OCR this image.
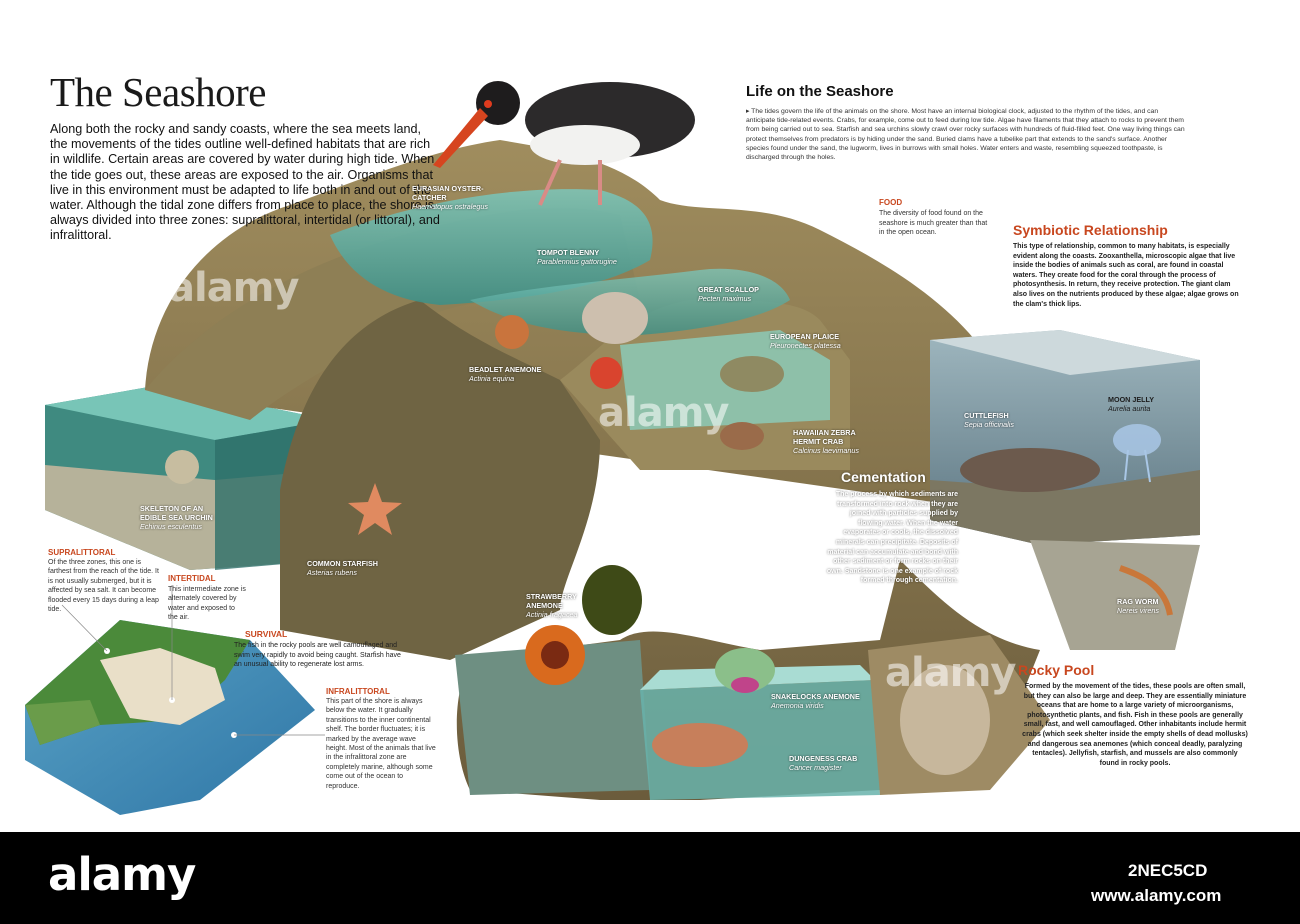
alamy
alamy
alamy
The Seashore
Along both the rocky and sandy coasts, where the sea meets land, the movements of the tides outline well-defined habitats that are rich in wildlife. Certain areas are covered by water during high tide. When the tide goes out, these areas are exposed to the air. Organisms that live in this environment must be adapted to life both in and out of the water. Although the tidal zone differs from place to place, the shore is always divided into three zones: supralittoral, intertidal (or littoral), and infralittoral.
Life on the Seashore
▸ The tides govern the life of the animals on the shore. Most have an internal biological clock, adjusted to the rhythm of the tides, and can anticipate tide-related events. Crabs, for example, come out to feed during low tide. Algae have filaments that they attach to rocks to prevent them from being carried out to sea. Starfish and sea urchins slowly crawl over rocky surfaces with hundreds of fluid-filled feet. One way living things can protect themselves from predators is by hiding under the sand. Buried clams have a tubelike part that extends to the sand's surface. Another species found under the sand, the lugworm, lives in burrows with small holes. Water enters and waste, resembling squeezed toothpaste, is discharged through the holes.
FOOD
The diversity of food found on the seashore is much greater than that in the open ocean.	Symbiotic Relationship
This type of relationship, common to many habitats, is especially evident along the coasts. Zooxanthella, microscopic algae that live inside the bodies of animals such as coral, are found in coastal waters. They create food for the coral through the process of photosynthesis. In return, they receive protection. The giant clam also lives on the nutrients produced by these algae; algae grows on the clam's thick lips.
Cementation
The process by which sediments are transformed into rock when they are joined with particles supplied by flowing water. When the water evaporates or cools, the dissolved minerals can precipitate. Deposits of material can accumulate and bond with other sediment or form rocks on their own. Sandstone is one example of rock formed through cementation.
Rocky Pool
Formed by the movement of the tides, these pools are often small, but they can also be large and deep. They are essentially miniature oceans that are home to a large variety of microorganisms, photosynthetic plants, and fish. Fish in these pools are generally small, fast, and well camouflaged. Other inhabitants include hermit crabs (which seek shelter inside the empty shells of dead mollusks) and dangerous sea anemones (which conceal deadly, paralyzing tentacles). Jellyfish, starfish, and mussels are also commonly found in rocky pools.
SURVIVAL
The fish in the rocky pools are well camouflaged and swim very rapidly to avoid being caught. Starfish have an unusual ability to regenerate lost arms.
SUPRALITTORAL
Of the three zones, this one is farthest from the reach of the tide. It is not usually submerged, but it is affected by sea salt. It can become flooded every 15 days during a leap tide.
INTERTIDAL
This intermediate zone is alternately covered by water and exposed to the air.
INFRALITTORAL
This part of the shore is always below the water. It gradually transitions to the inner continental shelf. The border fluctuates; it is marked by the average wave height. Most of the animals that live in the infralittoral zone are completely marine, although some come out of the ocean to reproduce.
EURASIAN OYSTER-
CATCHER
Haematopus ostralegus
TOMPOT BLENNY
Parablennius gattorugine
GREAT SCALLOP
Pecten maximus
EUROPEAN PLAICE
Pleuronectes platessa
BEADLET ANEMONE
Actinia equina
HAWAIIAN ZEBRA
HERMIT CRAB
Calcinus laevimanus
CUTTLEFISH
Sepia officinalis
MOON JELLY
Aurelia aurita
SKELETON OF AN
EDIBLE SEA URCHIN
Echinus esculentus
COMMON STARFISH
Asterias rubens
STRAWBERRY
ANEMONE
Actinia fragacea
SNAKELOCKS ANEMONE
Anemonia viridis
DUNGENESS CRAB
Cancer magister
RAG WORM
Nereis virens
alamy	2NEC5CD
www.alamy.com
